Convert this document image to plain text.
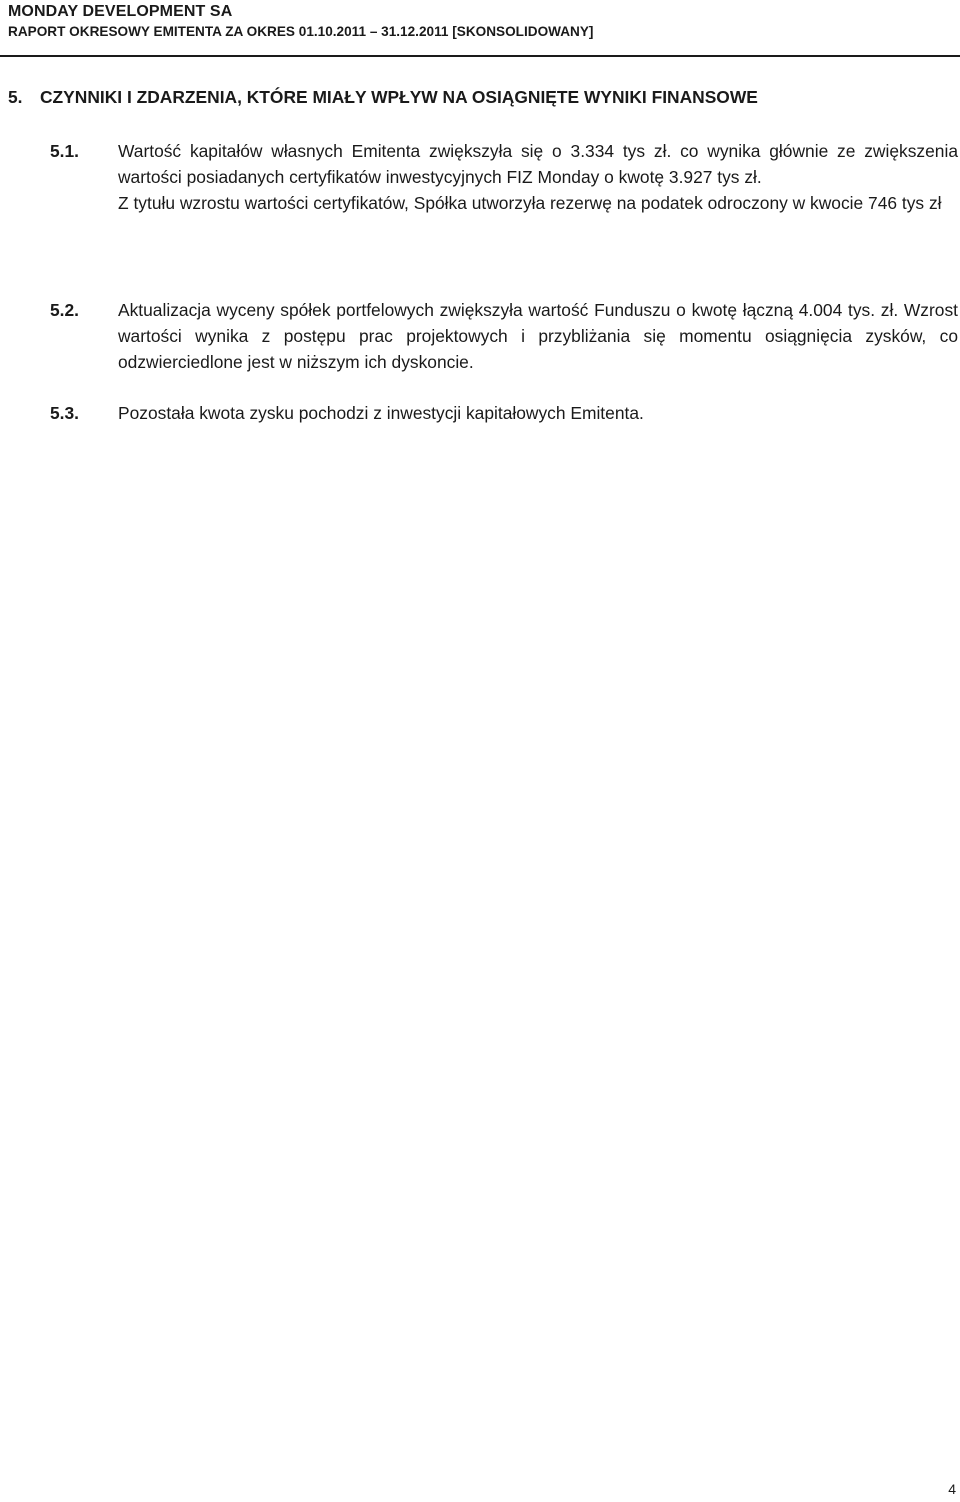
MONDAY DEVELOPMENT SA
RAPORT OKRESOWY EMITENTA ZA OKRES 01.10.2011 – 31.12.2011 [SKONSOLIDOWANY]
5. CZYNNIKI I ZDARZENIA, KTÓRE MIAŁY WPŁYW NA OSIĄGNIĘTE WYNIKI FINANSOWE
5.1. Wartość kapitałów własnych Emitenta zwiększyła się o 3.334 tys zł. co wynika głównie ze zwiększenia wartości posiadanych certyfikatów inwestycyjnych FIZ Monday o kwotę 3.927 tys zł.

Z tytułu wzrostu wartości certyfikatów, Spółka utworzyła rezerwę na podatek odroczony w kwocie 746 tys zł

5.2. Aktualizacja wyceny spółek portfelowych zwiększyła wartość Funduszu o kwotę łączną 4.004 tys. zł. Wzrost wartości wynika z postępu prac projektowych i przybliżania się momentu osiągnięcia zysków, co odzwierciedlone jest w niższym ich dyskoncie.

5.3. Pozostała kwota zysku pochodzi z inwestycji kapitałowych Emitenta.

4
